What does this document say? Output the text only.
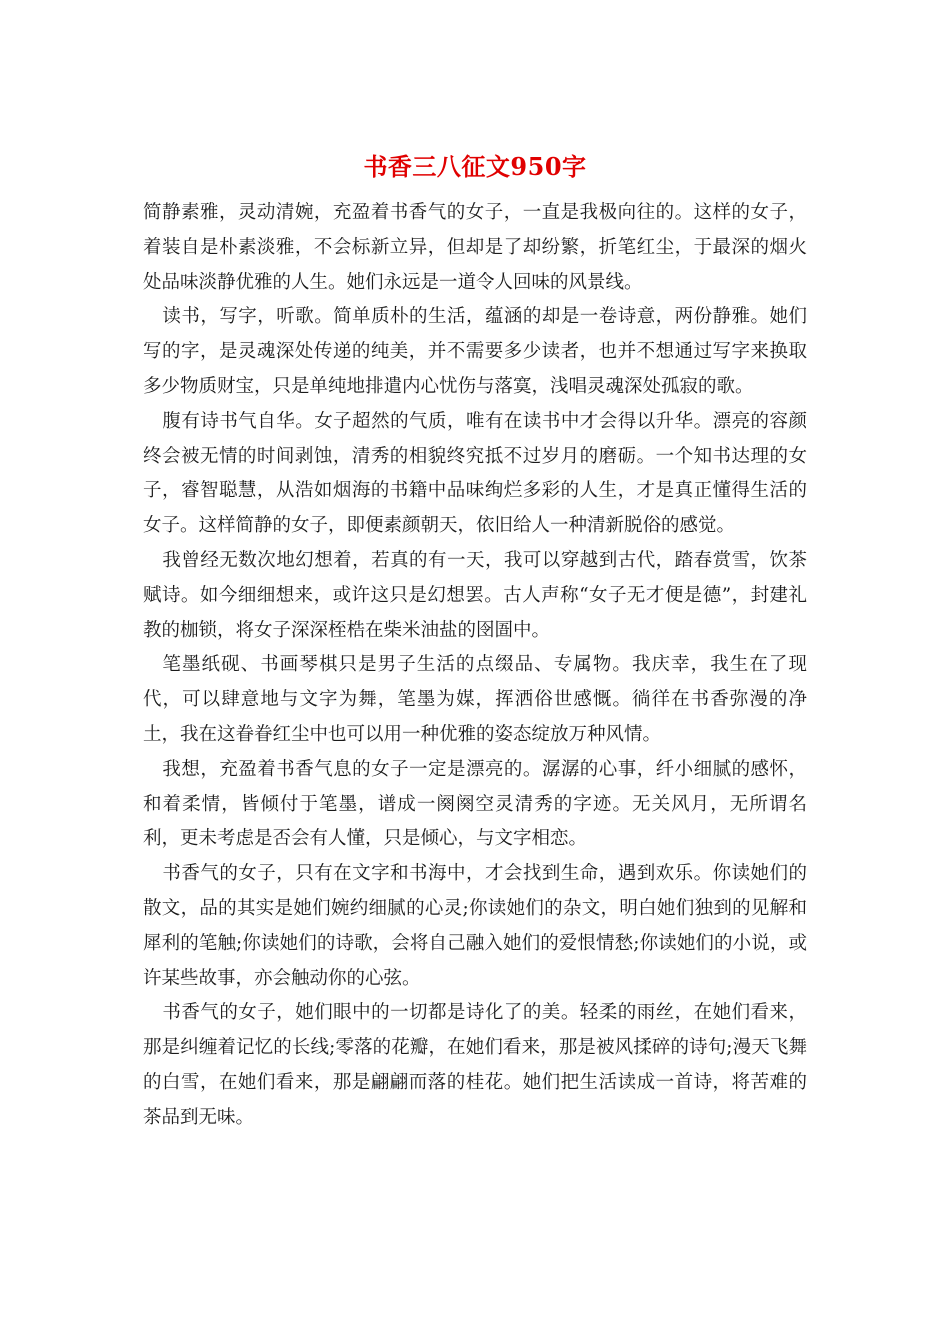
书香三八征文950字

简静素雅，灵动清婉，充盈着书香气的女子，一直是我极向往的。这样的女子，着装自是朴素淡雅，不会标新立异，但却是了却纷繁，折笔红尘，于最深的烟火处品味淡静优雅的人生。她们永远是一道令人回味的风景线。

读书，写字，听歌。简单质朴的生活，蕴涵的却是一卷诗意，两份静雅。她们写的字，是灵魂深处传递的纯美，并不需要多少读者，也并不想通过写字来换取多少物质财宝，只是单纯地排遣内心忧伤与落寞，浅唱灵魂深处孤寂的歌。

腹有诗书气自华。女子超然的气质，唯有在读书中才会得以升华。漂亮的容颜终会被无情的时间剥蚀，清秀的相貌终究抵不过岁月的磨砺。一个知书达理的女子，睿智聪慧，从浩如烟海的书籍中品味绚烂多彩的人生，才是真正懂得生活的女子。这样简静的女子，即便素颜朝天，依旧给人一种清新脱俗的感觉。

我曾经无数次地幻想着，若真的有一天，我可以穿越到古代，踏春赏雪，饮茶赋诗。如今细细想来，或许这只是幻想罢。古人声称“女子无才便是德”，封建礼教的枷锁，将女子深深桎梏在柴米油盐的囹圄中。

笔墨纸砚、书画琴棋只是男子生活的点缀品、专属物。我庆幸，我生在了现代，可以肆意地与文字为舞，笔墨为媒，挥洒俗世感慨。徜徉在书香弥漫的净土，我在这眷眷红尘中也可以用一种优雅的姿态绽放万种风情。

我想，充盈着书香气息的女子一定是漂亮的。潺潺的心事，纤小细腻的感怀，和着柔情，皆倾付于笔墨，谱成一阕阕空灵清秀的字迹。无关风月，无所谓名利，更未考虑是否会有人懂，只是倾心，与文字相恋。

书香气的女子，只有在文字和书海中，才会找到生命，遇到欢乐。你读她们的散文，品的其实是她们婉约细腻的心灵;你读她们的杂文，明白她们独到的见解和犀利的笔触;你读她们的诗歌，会将自己融入她们的爱恨情愁;你读她们的小说，或许某些故事，亦会触动你的心弦。

书香气的女子，她们眼中的一切都是诗化了的美。轻柔的雨丝，在她们看来，那是纠缠着记忆的长线;零落的花瓣，在她们看来，那是被风揉碎的诗句;漫天飞舞的白雪，在她们看来，那是翩翩而落的桂花。她们把生活读成一首诗，将苦难的茶品到无味。
